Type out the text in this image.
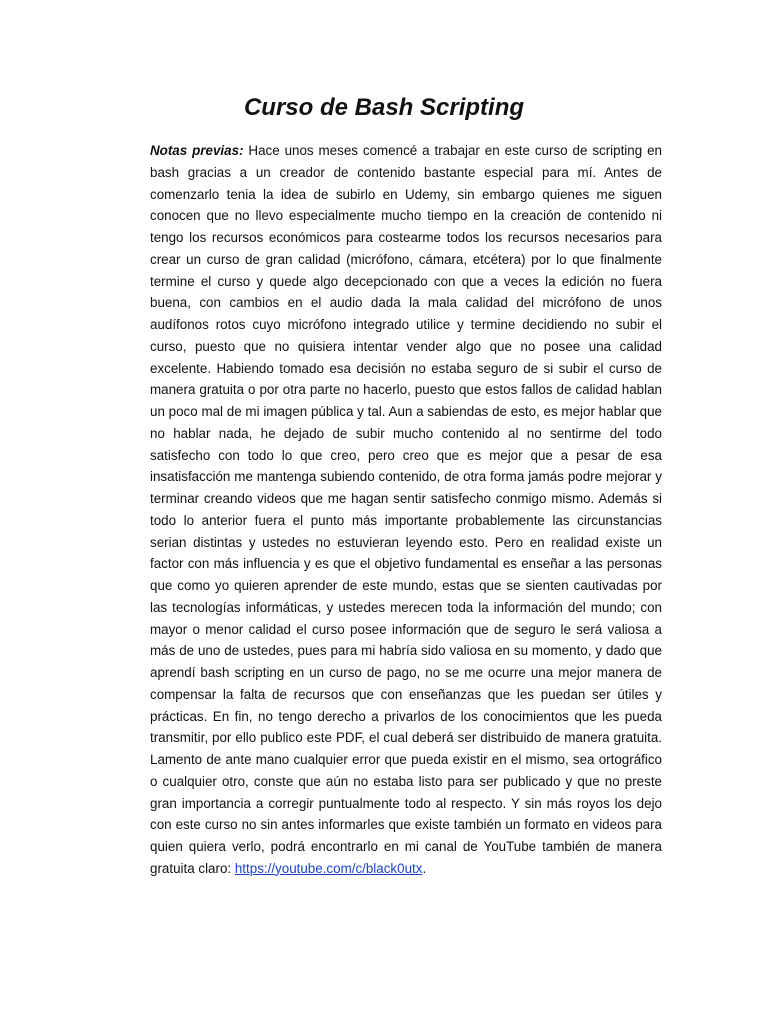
Curso de Bash Scripting

Notas previas: Hace unos meses comencé a trabajar en este curso de scripting en bash gracias a un creador de contenido bastante especial para mí. Antes de comenzarlo tenia la idea de subirlo en Udemy, sin embargo quienes me siguen conocen que no llevo especialmente mucho tiempo en la creación de contenido ni tengo los recursos económicos para costearme todos los recursos necesarios para crear un curso de gran calidad (micrófono, cámara, etcétera) por lo que finalmente termine el curso y quede algo decepcionado con que a veces la edición no fuera buena, con cambios en el audio dada la mala calidad del micrófono de unos audífonos rotos cuyo micrófono integrado utilice y termine decidiendo no subir el curso, puesto que no quisiera intentar vender algo que no posee una calidad excelente. Habiendo tomado esa decisión no estaba seguro de si subir el curso de manera gratuita o por otra parte no hacerlo, puesto que estos fallos de calidad hablan un poco mal de mi imagen pública y tal. Aun a sabiendas de esto, es mejor hablar que no hablar nada, he dejado de subir mucho contenido al no sentirme del todo satisfecho con todo lo que creo, pero creo que es mejor que a pesar de esa insatisfacción me mantenga subiendo contenido, de otra forma jamás podre mejorar y terminar creando videos que me hagan sentir satisfecho conmigo mismo. Además si todo lo anterior fuera el punto más importante probablemente las circunstancias serian distintas y ustedes no estuvieran leyendo esto. Pero en realidad existe un factor con más influencia y es que el objetivo fundamental es enseñar a las personas que como yo quieren aprender de este mundo, estas que se sienten cautivadas por las tecnologías informáticas, y ustedes merecen toda la información del mundo; con mayor o menor calidad el curso posee información que de seguro le será valiosa a más de uno de ustedes, pues para mi habría sido valiosa en su momento, y dado que aprendí bash scripting en un curso de pago, no se me ocurre una mejor manera de compensar la falta de recursos que con enseñanzas que les puedan ser útiles y prácticas. En fin, no tengo derecho a privarlos de los conocimientos que les pueda transmitir, por ello publico este PDF, el cual deberá ser distribuido de manera gratuita. Lamento de ante mano cualquier error que pueda existir en el mismo, sea ortográfico o cualquier otro, conste que aún no estaba listo para ser publicado y que no preste gran importancia a corregir puntualmente todo al respecto. Y sin más royos los dejo con este curso no sin antes informarles que existe también un formato en videos para quien quiera verlo, podrá encontrarlo en mi canal de YouTube también de manera gratuita claro: https://youtube.com/c/black0utx.
